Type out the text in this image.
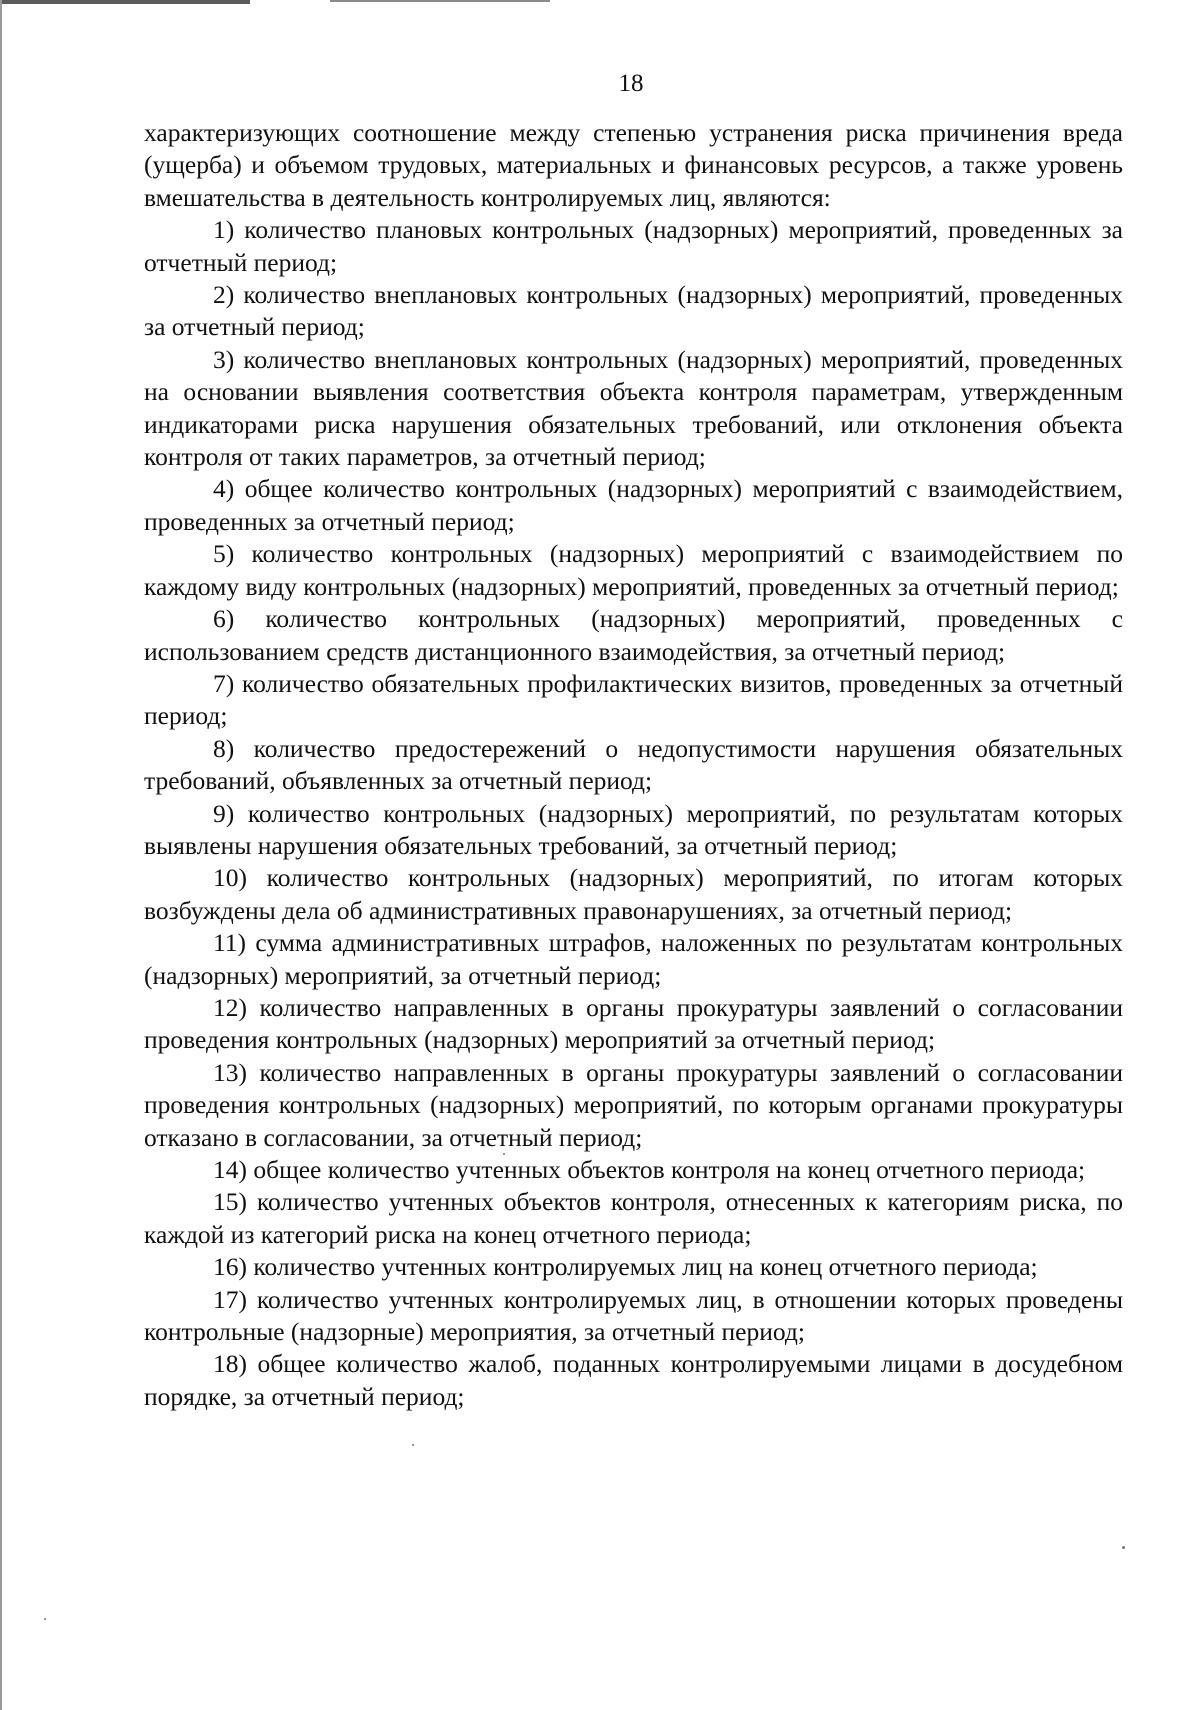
18

характеризующих соотношение между степенью устранения риска причинения вреда (ущерба) и объемом трудовых, материальных и финансовых ресурсов, а также уровень вмешательства в деятельность контролируемых лиц, являются:

1) количество плановых контрольных (надзорных) мероприятий, проведенных за отчетный период;

2) количество внеплановых контрольных (надзорных) мероприятий, проведенных за отчетный период;

3) количество внеплановых контрольных (надзорных) мероприятий, проведенных на основании выявления соответствия объекта контроля параметрам, утвержденным индикаторами риска нарушения обязательных требований, или отклонения объекта контроля от таких параметров, за отчетный период;

4) общее количество контрольных (надзорных) мероприятий с взаимодействием, проведенных за отчетный период;

5) количество контрольных (надзорных) мероприятий с взаимодействием по каждому виду контрольных (надзорных) мероприятий, проведенных за отчетный период;

6) количество контрольных (надзорных) мероприятий, проведенных с использованием средств дистанционного взаимодействия, за отчетный период;

7) количество обязательных профилактических визитов, проведенных за отчетный период;

8) количество предостережений о недопустимости нарушения обязательных требований, объявленных за отчетный период;

9) количество контрольных (надзорных) мероприятий, по результатам которых выявлены нарушения обязательных требований, за отчетный период;

10) количество контрольных (надзорных) мероприятий, по итогам которых возбуждены дела об административных правонарушениях, за отчетный период;

11) сумма административных штрафов, наложенных по результатам контрольных (надзорных) мероприятий, за отчетный период;

12) количество направленных в органы прокуратуры заявлений о согласовании проведения контрольных (надзорных) мероприятий за отчетный период;

13) количество направленных в органы прокуратуры заявлений о согласовании проведения контрольных (надзорных) мероприятий, по которым органами прокуратуры отказано в согласовании, за отчетный период;

14) общее количество учтенных объектов контроля на конец отчетного периода;

15) количество учтенных объектов контроля, отнесенных к категориям риска, по каждой из категорий риска на конец отчетного периода;

16) количество учтенных контролируемых лиц на конец отчетного периода;

17) количество учтенных контролируемых лиц, в отношении которых проведены контрольные (надзорные) мероприятия, за отчетный период;

18) общее количество жалоб, поданных контролируемыми лицами в досудебном порядке, за отчетный период;
